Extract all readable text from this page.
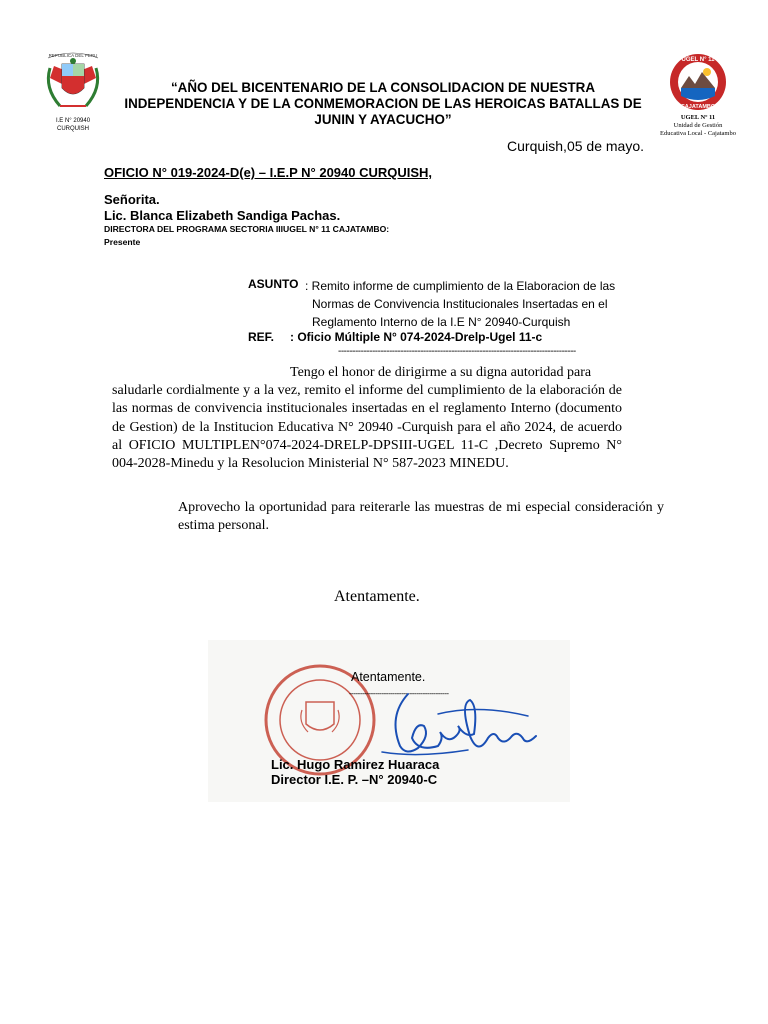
REPUBLICA DEL PERU
I.E N° 20940
CURQUISH
“AÑO DEL BICENTENARIO DE LA CONSOLIDACION DE NUESTRA
INDEPENDENCIA Y DE LA CONMEMORACION DE LAS HEROICAS BATALLAS DE
JUNIN Y AYACUCHO”
UGEL N° 11
CAJATAMBO
UGEL Nº 11
Unidad de Gestión
Educativa Local - Cajatambo
Curquish,05 de mayo.
OFICIO N° 019-2024-D(e) – I.E.P N° 20940 CURQUISH,
Señorita.
Lic. Blanca Elizabeth Sandiga Pachas.
DIRECTORA DEL PROGRAMA SECTORIA IIIUGEL N° 11 CAJATAMBO:
Presente
ASUNTO : Remito informe de cumplimiento de la Elaboracion de las
Normas de Convivencia Institucionales Insertadas en el
Reglamento Interno de la I.E N° 20940-Curquish
REF. : Oficio Múltiple N° 074-2024-Drelp-Ugel 11-c
------------------------------------------------------------------------------------
Tengo el honor de dirigirme a su digna autoridad para
saludarle cordialmente y a la vez, remito el informe del cumplimiento de la elaboración de las normas de convivencia institucionales insertadas en el reglamento Interno (documento de Gestion) de la Institucion Educativa N° 20940 -Curquish para el año 2024, de acuerdo al OFICIO MULTIPLEN°074-2024-DRELP-DPSIII-UGEL 11-C ,Decreto Supremo N° 004-2028-Minedu y la Resolucion Ministerial N° 587-2023 MINEDU.
Aprovecho la oportunidad para reiterarle las muestras de mi especial consideración y estima personal.
Atentamente.
Atentamente.
----------------------------------------------
Lic. Hugo Ramirez Huaraca
Director I.E. P. –N° 20940-C
